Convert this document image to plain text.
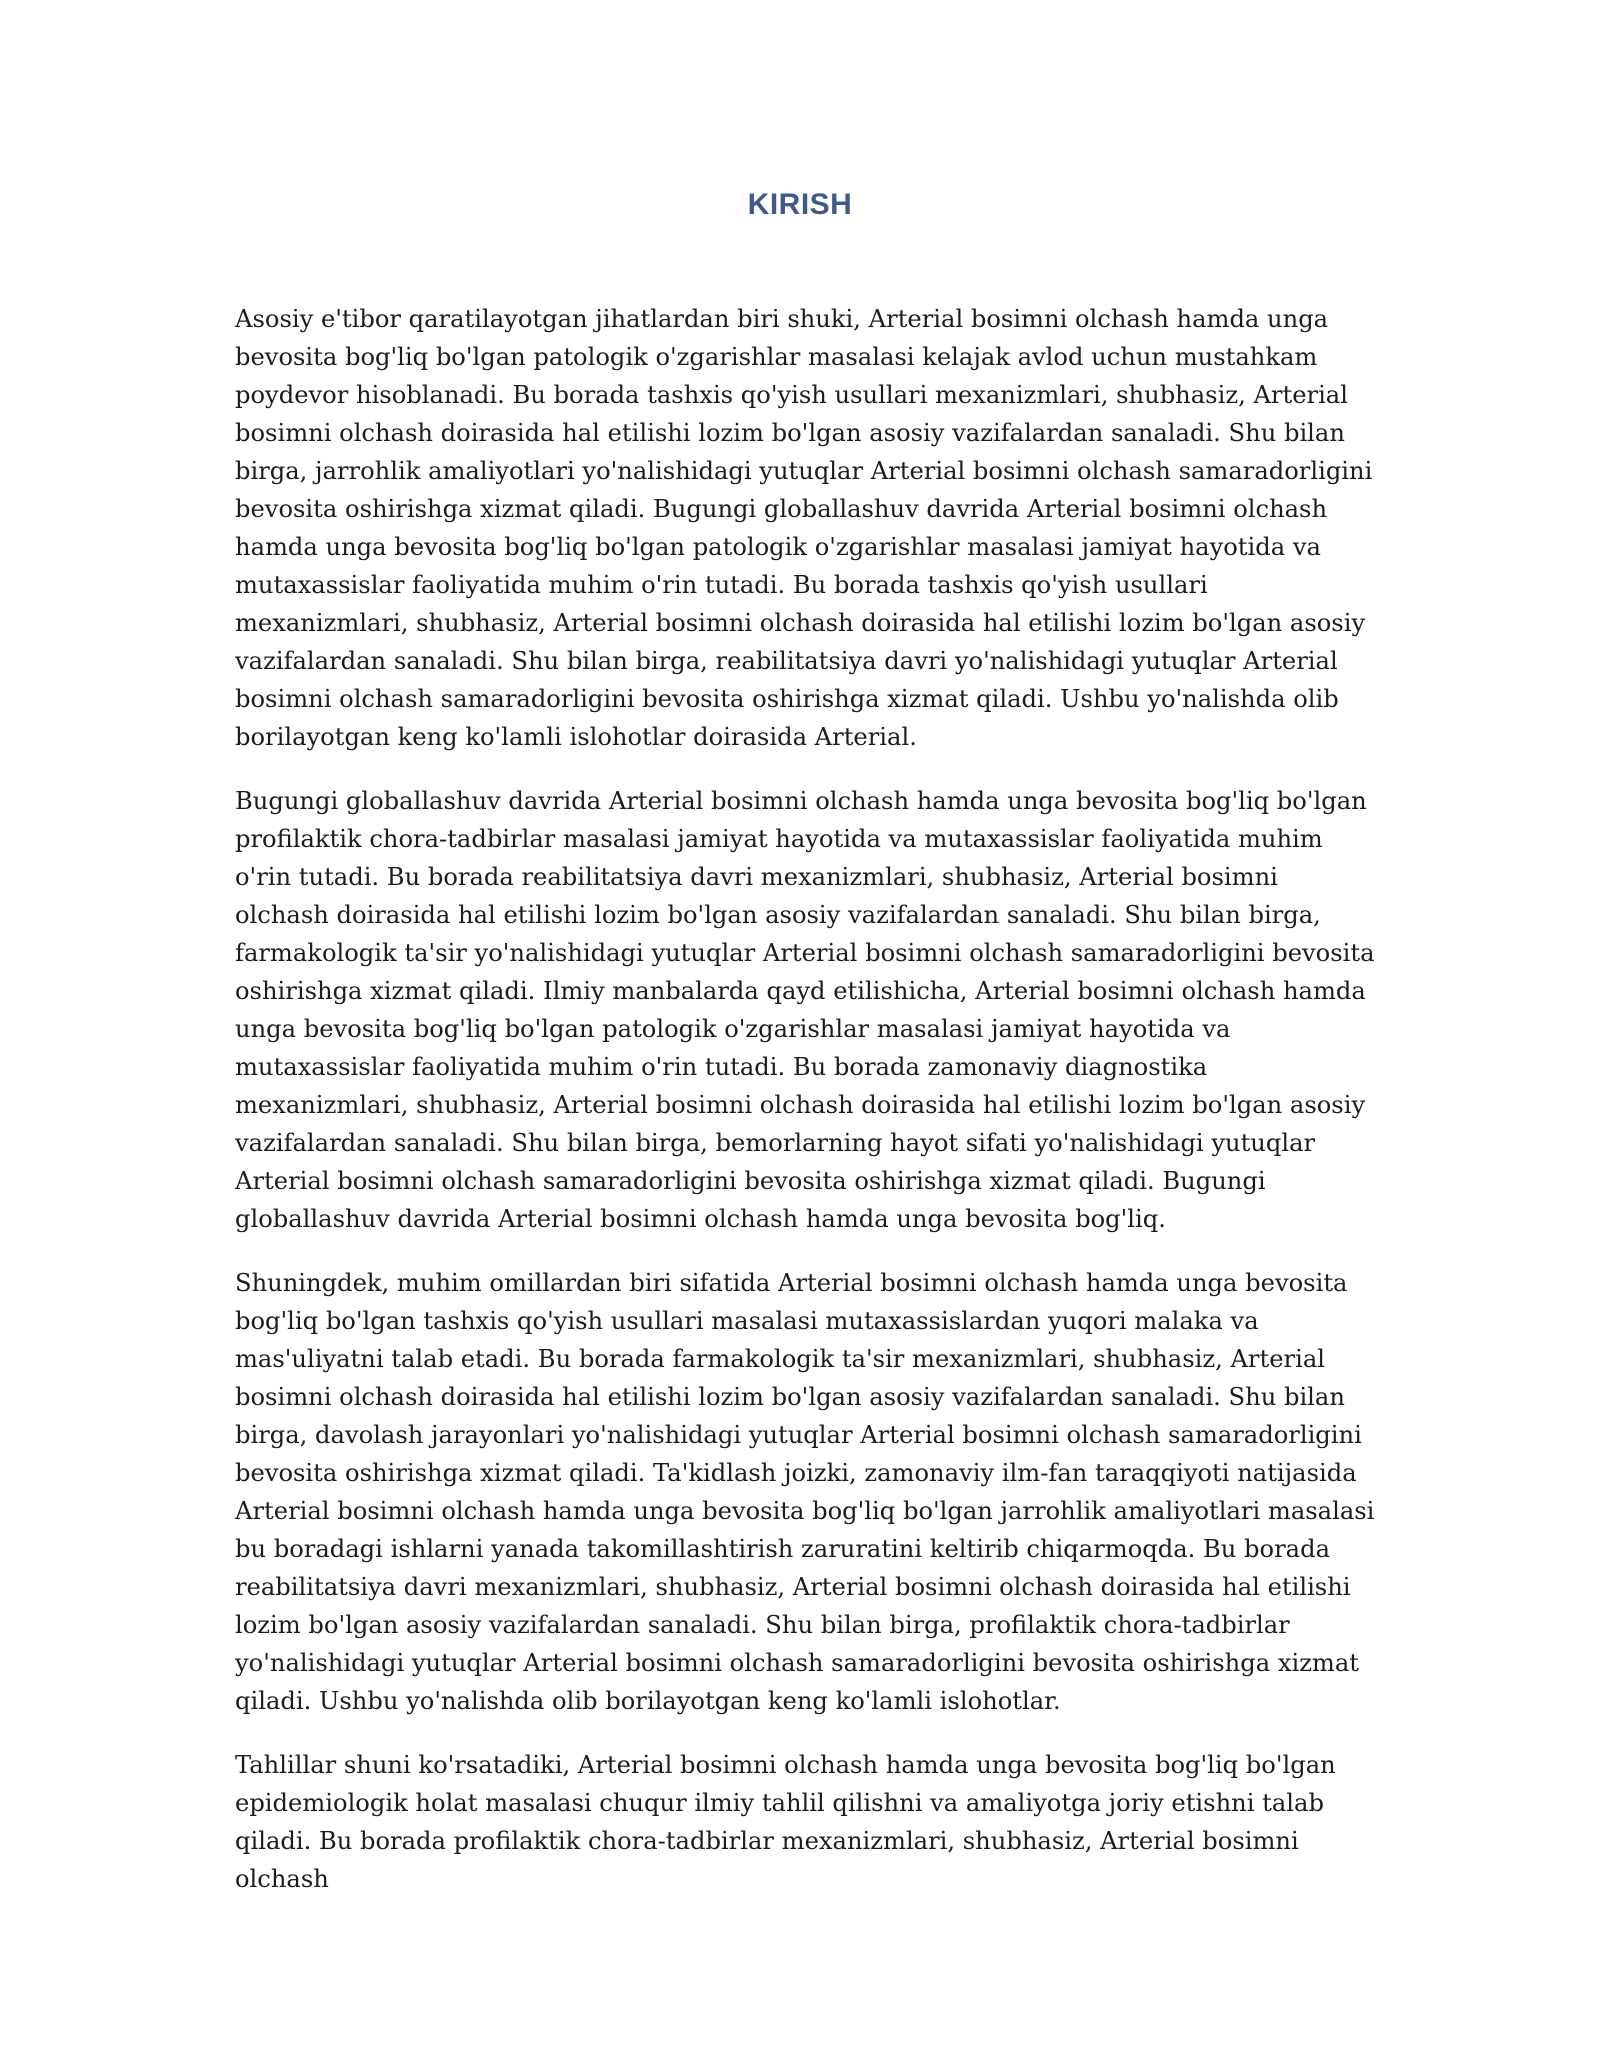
KIRISH

Asosiy e'tibor qaratilayotgan jihatlardan biri shuki, Arterial bosimni olchash hamda unga bevosita bog'liq bo'lgan patologik o'zgarishlar masalasi kelajak avlod uchun mustahkam poydevor hisoblanadi. Bu borada tashxis qo'yish usullari mexanizmlari, shubhasiz, Arterial bosimni olchash doirasida hal etilishi lozim bo'lgan asosiy vazifalardan sanaladi. Shu bilan birga, jarrohlik amaliyotlari yo'nalishidagi yutuqlar Arterial bosimni olchash samaradorligini bevosita oshirishga xizmat qiladi. Bugungi globallashuv davrida Arterial bosimni olchash hamda unga bevosita bog'liq bo'lgan patologik o'zgarishlar masalasi jamiyat hayotida va mutaxassislar faoliyatida muhim o'rin tutadi. Bu borada tashxis qo'yish usullari mexanizmlari, shubhasiz, Arterial bosimni olchash doirasida hal etilishi lozim bo'lgan asosiy vazifalardan sanaladi. Shu bilan birga, reabilitatsiya davri yo'nalishidagi yutuqlar Arterial bosimni olchash samaradorligini bevosita oshirishga xizmat qiladi. Ushbu yo'nalishda olib borilayotgan keng ko'lamli islohotlar doirasida Arterial.

Bugungi globallashuv davrida Arterial bosimni olchash hamda unga bevosita bog'liq bo'lgan profilaktik chora-tadbirlar masalasi jamiyat hayotida va mutaxassislar faoliyatida muhim o'rin tutadi. Bu borada reabilitatsiya davri mexanizmlari, shubhasiz, Arterial bosimni olchash doirasida hal etilishi lozim bo'lgan asosiy vazifalardan sanaladi. Shu bilan birga, farmakologik ta'sir yo'nalishidagi yutuqlar Arterial bosimni olchash samaradorligini bevosita oshirishga xizmat qiladi. Ilmiy manbalarda qayd etilishicha, Arterial bosimni olchash hamda unga bevosita bog'liq bo'lgan patologik o'zgarishlar masalasi jamiyat hayotida va mutaxassislar faoliyatida muhim o'rin tutadi. Bu borada zamonaviy diagnostika mexanizmlari, shubhasiz, Arterial bosimni olchash doirasida hal etilishi lozim bo'lgan asosiy vazifalardan sanaladi. Shu bilan birga, bemorlarning hayot sifati yo'nalishidagi yutuqlar Arterial bosimni olchash samaradorligini bevosita oshirishga xizmat qiladi. Bugungi globallashuv davrida Arterial bosimni olchash hamda unga bevosita bog'liq.

Shuningdek, muhim omillardan biri sifatida Arterial bosimni olchash hamda unga bevosita bog'liq bo'lgan tashxis qo'yish usullari masalasi mutaxassislardan yuqori malaka va mas'uliyatni talab etadi. Bu borada farmakologik ta'sir mexanizmlari, shubhasiz, Arterial bosimni olchash doirasida hal etilishi lozim bo'lgan asosiy vazifalardan sanaladi. Shu bilan birga, davolash jarayonlari yo'nalishidagi yutuqlar Arterial bosimni olchash samaradorligini bevosita oshirishga xizmat qiladi. Ta'kidlash joizki, zamonaviy ilm-fan taraqqiyoti natijasida Arterial bosimni olchash hamda unga bevosita bog'liq bo'lgan jarrohlik amaliyotlari masalasi bu boradagi ishlarni yanada takomillashtirish zaruratini keltirib chiqarmoqda. Bu borada reabilitatsiya davri mexanizmlari, shubhasiz, Arterial bosimni olchash doirasida hal etilishi lozim bo'lgan asosiy vazifalardan sanaladi. Shu bilan birga, profilaktik chora-tadbirlar yo'nalishidagi yutuqlar Arterial bosimni olchash samaradorligini bevosita oshirishga xizmat qiladi. Ushbu yo'nalishda olib borilayotgan keng ko'lamli islohotlar.

Tahlillar shuni ko'rsatadiki, Arterial bosimni olchash hamda unga bevosita bog'liq bo'lgan epidemiologik holat masalasi chuqur ilmiy tahlil qilishni va amaliyotga joriy etishni talab qiladi. Bu borada profilaktik chora-tadbirlar mexanizmlari, shubhasiz, Arterial bosimni olchash
